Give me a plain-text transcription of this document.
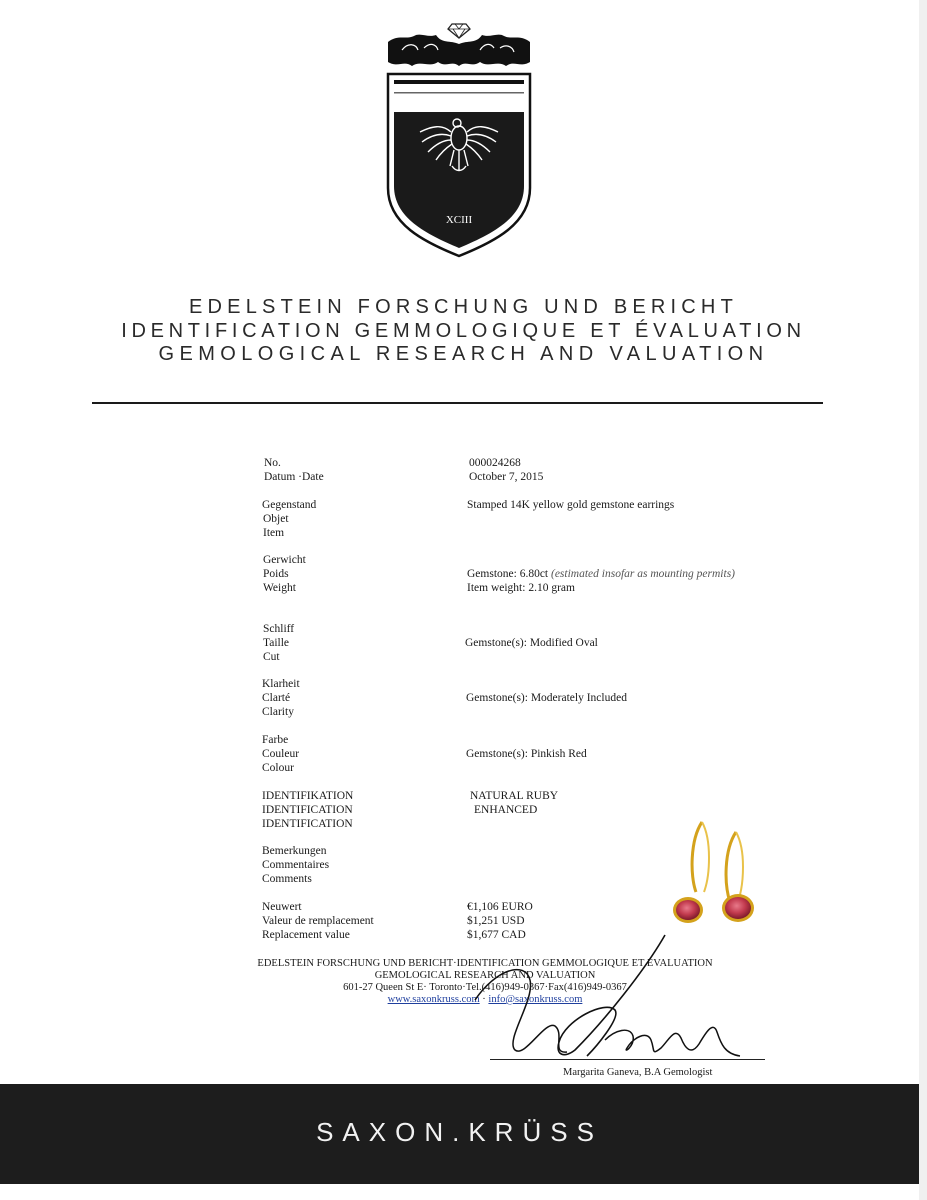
XCIII
EDELSTEIN FORSCHUNG UND BERICHT
IDENTIFICATION GEMMOLOGIQUE ET ÉVALUATION
GEMOLOGICAL RESEARCH AND VALUATION
No.
Datum ·Date
Gegenstand
Objet
Item
Gerwicht
Poids
Weight
Schliff
Taille
Cut
Klarheit
Clarté
Clarity
Farbe
Couleur
Colour
IDENTIFIKATION
IDENTIFICATION
IDENTIFICATION
Bemerkungen
Commentaires
Comments
Neuwert
Valeur de remplacement
Replacement value
000024268
October 7, 2015
Stamped 14K yellow gold gemstone earrings
Gemstone: 6.80ct (estimated insofar as mounting permits)
Item weight: 2.10 gram
Gemstone(s): Modified Oval
Gemstone(s): Moderately Included
Gemstone(s): Pinkish Red
NATURAL RUBY
ENHANCED
€1,106 EURO
$1,251 USD
$1,677 CAD
EDELSTEIN FORSCHUNG UND BERICHT·IDENTIFICATION GEMMOLOGIQUE ET EVALUATION
GEMOLOGICAL RESEARCH AND VALUATION
601-27 Queen St E· Toronto·Tel.(416)949-0367·Fax(416)949-0367
www.saxonkruss.com · info@saxonkruss.com
Margarita Ganeva, B.A Gemologist
SAXON.KRÜSS
